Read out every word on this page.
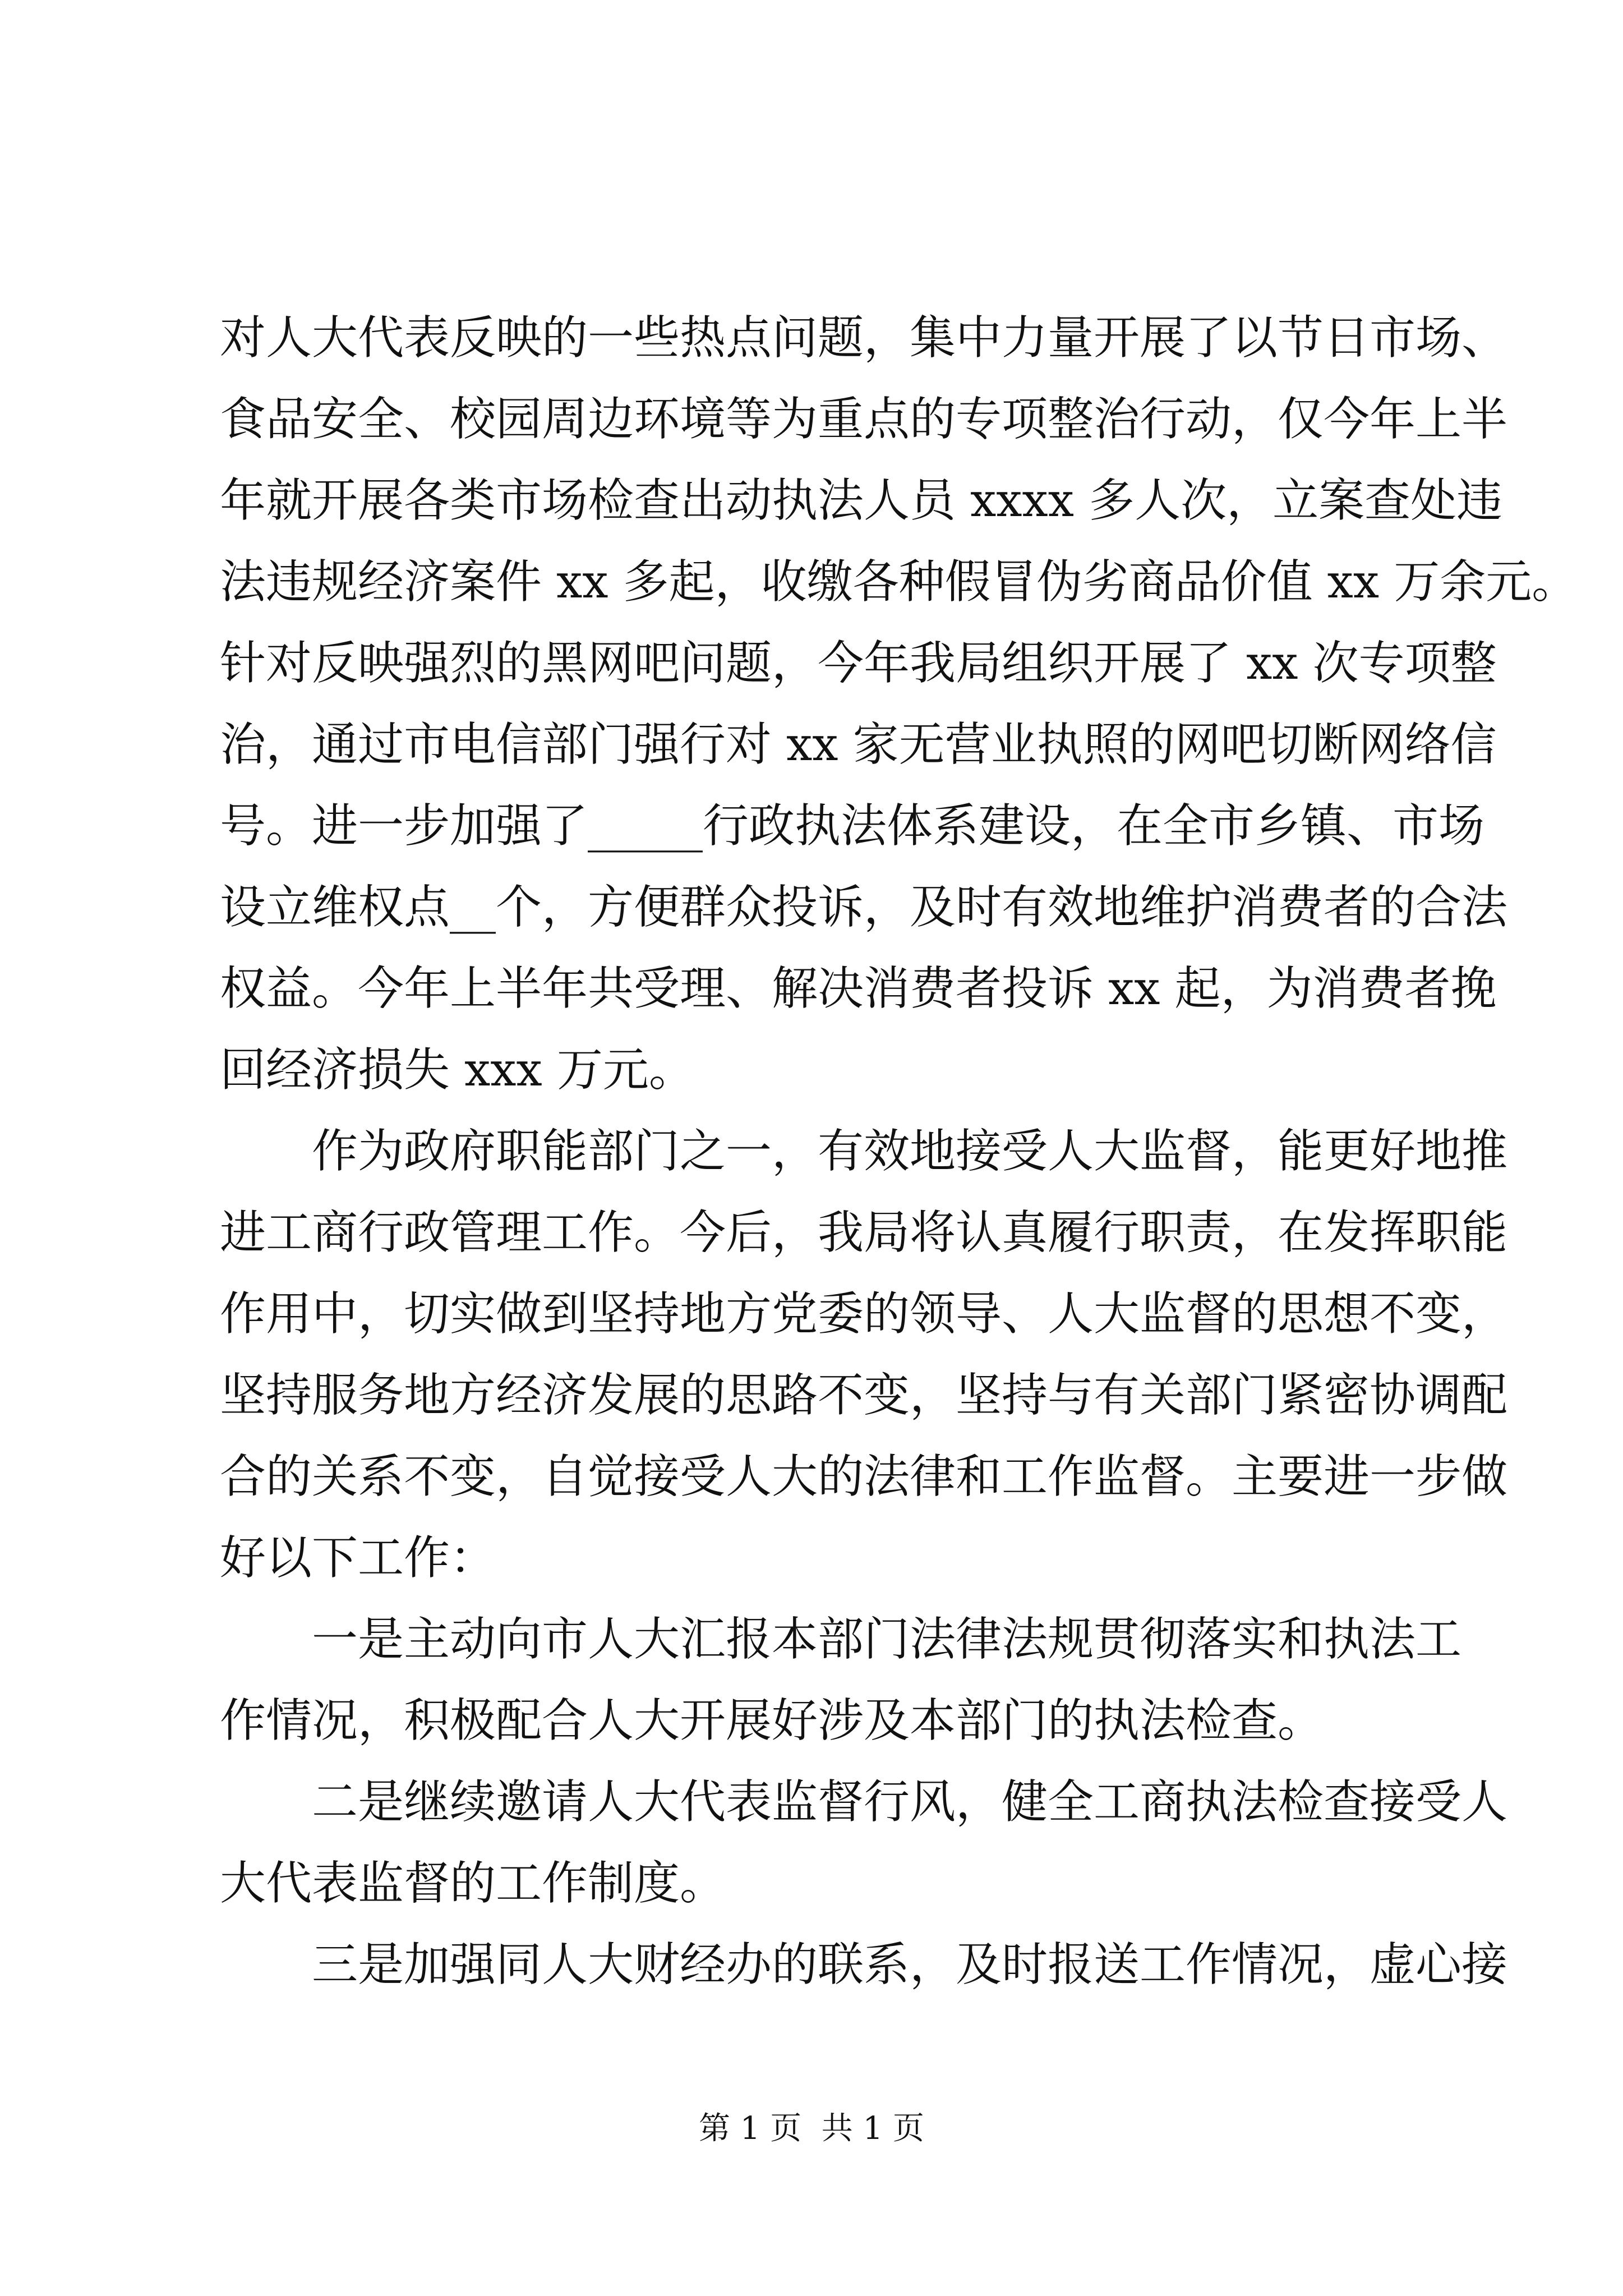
对人大代表反映的一些热点问题，集中力量开展了以节日市场、
食品安全、校园周边环境等为重点的专项整治行动，仅今年上半
年就开展各类市场检查出动执法人员 xxxx 多人次，立案查处违
法违规经济案件 xx 多起，收缴各种假冒伪劣商品价值 xx 万余元。
针对反映强烈的黑网吧问题，今年我局组织开展了 xx 次专项整
治，通过市电信部门强行对 xx 家无营业执照的网吧切断网络信
号。进一步加强了_____行政执法体系建设，在全市乡镇、市场
设立维权点__个，方便群众投诉，及时有效地维护消费者的合法
权益。今年上半年共受理、解决消费者投诉 xx 起，为消费者挽
回经济损失 xxx 万元。
作为政府职能部门之一，有效地接受人大监督，能更好地推
进工商行政管理工作。今后，我局将认真履行职责，在发挥职能
作用中，切实做到坚持地方党委的领导、人大监督的思想不变，
坚持服务地方经济发展的思路不变，坚持与有关部门紧密协调配
合的关系不变，自觉接受人大的法律和工作监督。主要进一步做
好以下工作：
一是主动向市人大汇报本部门法律法规贯彻落实和执法工
作情况，积极配合人大开展好涉及本部门的执法检查。
二是继续邀请人大代表监督行风，健全工商执法检查接受人
大代表监督的工作制度。
三是加强同人大财经办的联系，及时报送工作情况，虚心接
第 1 页  共 1 页
